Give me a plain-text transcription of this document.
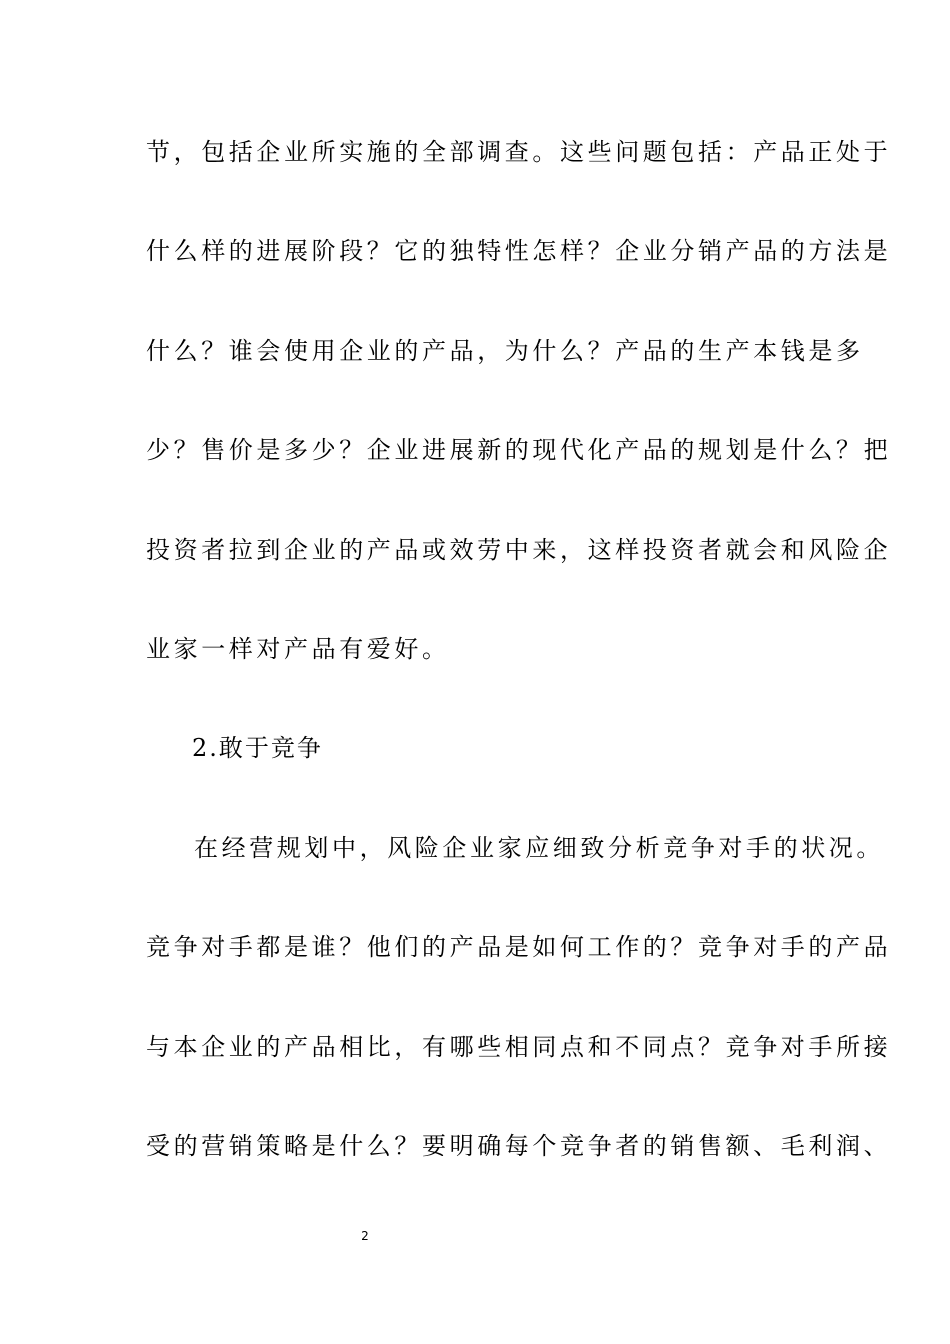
节，包括企业所实施的全部调查。这些问题包括：产品正处于
什么样的进展阶段？它的独特性怎样？企业分销产品的方法是
什么？谁会使用企业的产品，为什么？产品的生产本钱是多
少？售价是多少？企业进展新的现代化产品的规划是什么？把
投资者拉到企业的产品或效劳中来，这样投资者就会和风险企
业家一样对产品有爱好。
2.敢于竞争
在经营规划中，风险企业家应细致分析竞争对手的状况。
竞争对手都是谁？他们的产品是如何工作的？竞争对手的产品
与本企业的产品相比，有哪些相同点和不同点？竞争对手所接
受的营销策略是什么？要明确每个竞争者的销售额、毛利润、
2
